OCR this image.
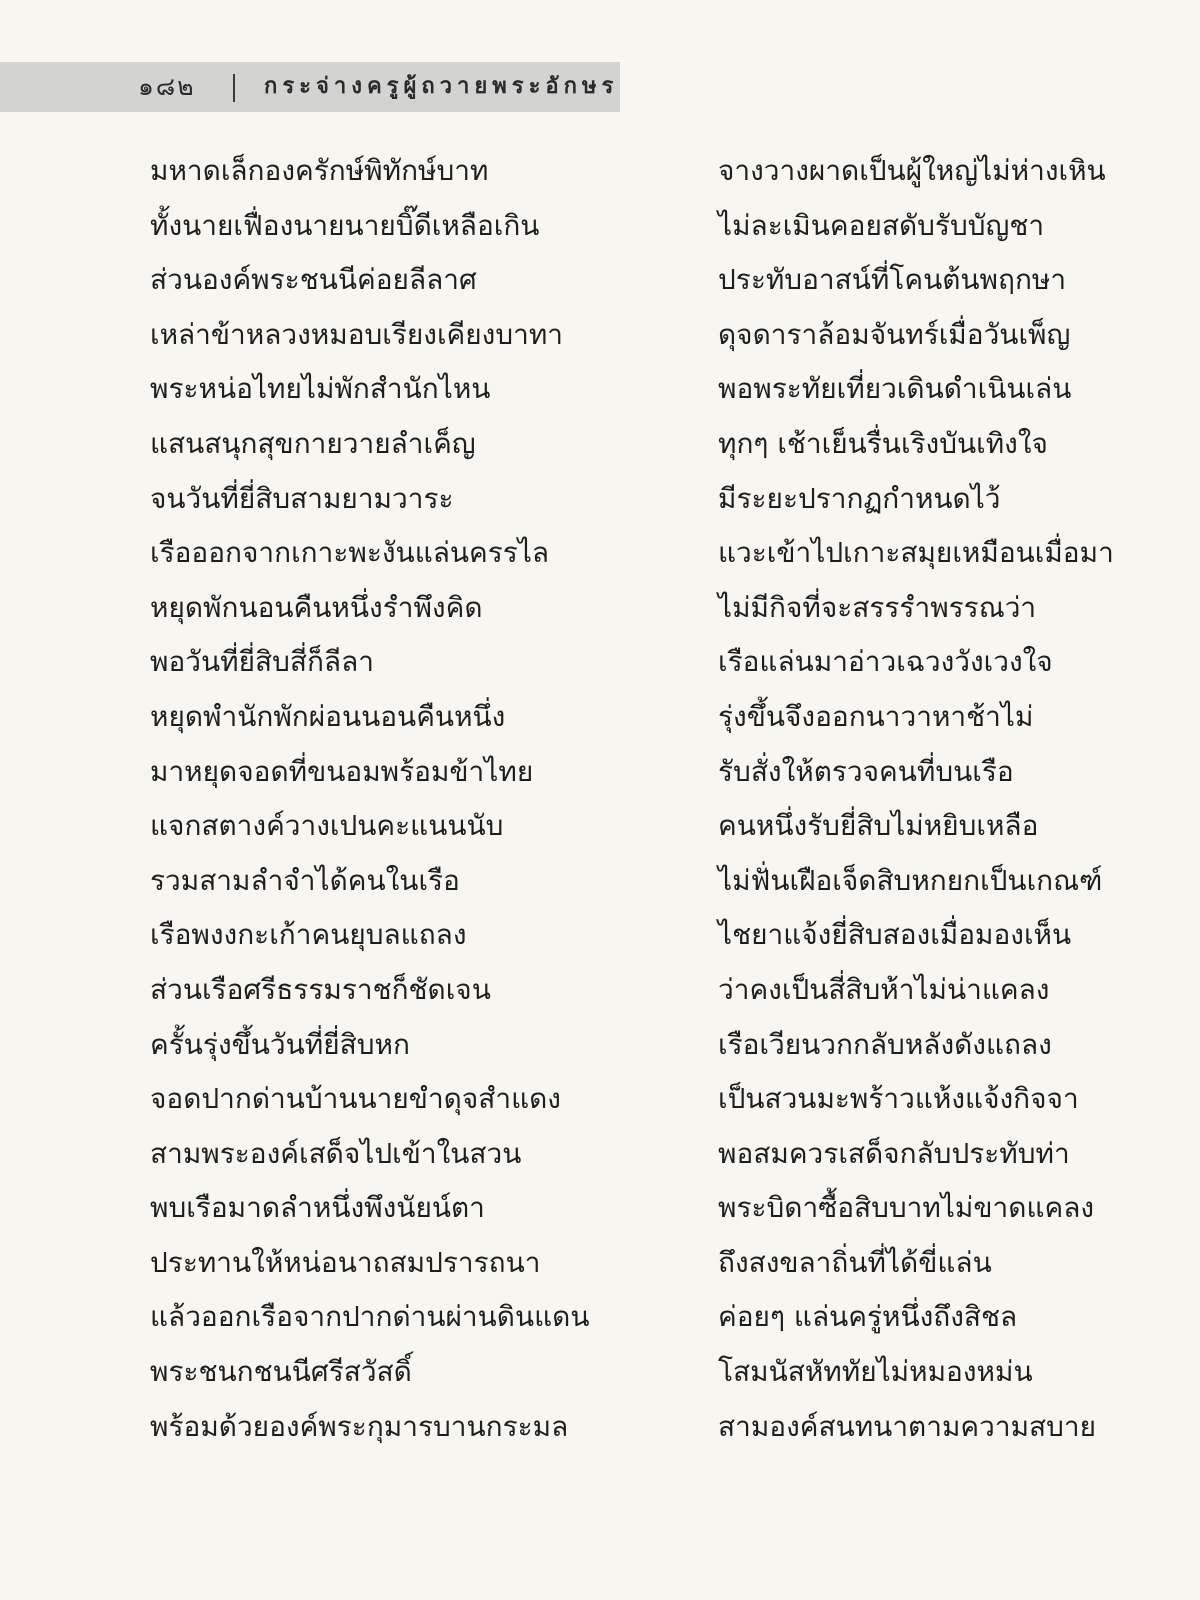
๑๘๒	กระจ่างครูผู้ถวายพระอักษร
มหาดเล็กองครักษ์พิทักษ์บาท	จางวางผาดเป็นผู้ใหญ่ไม่ห่างเหิน
ทั้งนายเฟื่องนายนายบิ๊ดีเหลือเกิน	ไม่ละเมินคอยสดับรับบัญชา
ส่วนองค์พระชนนีค่อยลีลาศ	ประทับอาสน์ที่โคนต้นพฤกษา
เหล่าข้าหลวงหมอบเรียงเคียงบาทา	ดุจดาราล้อมจันทร์เมื่อวันเพ็ญ
พระหน่อไทยไม่พักสำนักไหน	พอพระทัยเที่ยวเดินดำเนินเล่น
แสนสนุกสุขกายวายลำเค็ญ	ทุกๆ เช้าเย็นรื่นเริงบันเทิงใจ
จนวันที่ยี่สิบสามยามวาระ	มีระยะปรากฏกำหนดไว้
เรือออกจากเกาะพะงันแล่นครรไล	แวะเข้าไปเกาะสมุยเหมือนเมื่อมา
หยุดพักนอนคืนหนึ่งรำพึงคิด	ไม่มีกิจที่จะสรรรำพรรณว่า
พอวันที่ยี่สิบสี่ก็ลีลา	เรือแล่นมาอ่าวเฉวงวังเวงใจ
หยุดพำนักพักผ่อนนอนคืนหนึ่ง	รุ่งขึ้นจึงออกนาวาหาช้าไม่
มาหยุดจอดที่ขนอมพร้อมข้าไทย	รับสั่งให้ตรวจคนที่บนเรือ
แจกสตางค์วางเปนคะแนนนับ	คนหนึ่งรับยี่สิบไม่หยิบเหลือ
รวมสามลำจำได้คนในเรือ	ไม่ฟั่นเฝือเจ็ดสิบหกยกเป็นเกณฑ์
เรือพงงกะเก้าคนยุบลแถลง	ไชยาแจ้งยี่สิบสองเมื่อมองเห็น
ส่วนเรือศรีธรรมราชก็ชัดเจน	ว่าคงเป็นสี่สิบห้าไม่น่าแคลง
ครั้นรุ่งขึ้นวันที่ยี่สิบหก	เรือเวียนวกกลับหลังดังแถลง
จอดปากด่านบ้านนายขำดุจสำแดง	เป็นสวนมะพร้าวแห้งแจ้งกิจจา
สามพระองค์เสด็จไปเข้าในสวน	พอสมควรเสด็จกลับประทับท่า
พบเรือมาดลำหนึ่งพึงนัยน์ตา	พระบิดาซื้อสิบบาทไม่ขาดแคลง
ประทานให้หน่อนาถสมปรารถนา	ถึงสงขลาถิ่นที่ได้ขี่แล่น
แล้วออกเรือจากปากด่านผ่านดินแดน	ค่อยๆ แล่นครู่หนึ่งถึงสิชล
พระชนกชนนีศรีสวัสดิ์	โสมนัสหัททัยไม่หมองหม่น
พร้อมด้วยองค์พระกุมารบานกระมล	สามองค์สนทนาตามความสบาย
